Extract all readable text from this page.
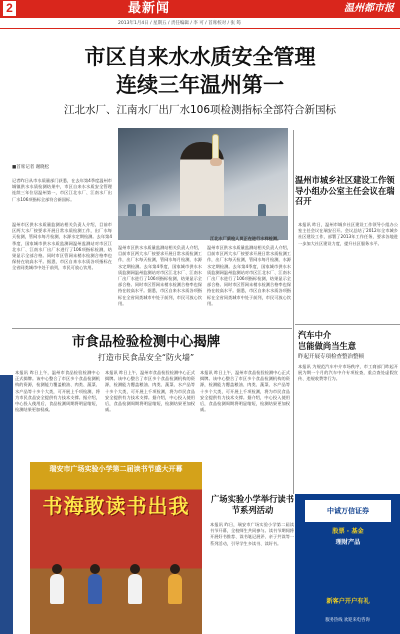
2	最新闻	温州都市报
2013年1月4日 / 星期五 / 责任编辑 / 李 可 / 首席校对 / 张 筠
市区自来水水质安全管理
连续三年温州第一
江北水厂、江南水厂出厂水106项检测指标全部符合新国标
■首席记者 谢晓松
记者昨日从市水质量部门获悉，在去年第4季度温州市城镇供水水质检测结果中，市区自来水水质安全管理连续三年位居温州第一，市区江北水厂、江南水厂出厂水106项指标全部符合新国标。
温州市区供水水质量监测站相关负责人介绍，目前市区两大水厂按要求开展日常水质检测工作，出厂水每天检测，管网水每月检测，水源水定期检测。去年第4季度，国家城市供水水质监测网温州监测站对市区江北水厂、江南水厂出厂水进行了106项指标检测，结果显示全部合格。同时市区管网末梢水检测合格率也保持在较高水平。据悉，市区自来水水质各项指标在全省同类城市中处于前列，市民可放心饮用。
温州市区供水水质量监测站相关负责人介绍，目前市区两大水厂按要求开展日常水质检测工作，出厂水每天检测，管网水每月检测，水源水定期检测。去年第4季度，国家城市供水水质监测网温州监测站对市区江北水厂、江南水厂出厂水进行了106项指标检测，结果显示全部合格。同时市区管网末梢水检测合格率也保持在较高水平。据悉，市区自来水水质各项指标在全省同类城市中处于前列，市民可放心饮用。
温州市区供水水质量监测站相关负责人介绍，目前市区两大水厂按要求开展日常水质检测工作，出厂水每天检测，管网水每月检测，水源水定期检测。去年第4季度，国家城市供水水质监测网温州监测站对市区江北水厂、江南水厂出厂水进行了106项指标检测，结果显示全部合格。同时市区管网末梢水检测合格率也保持在较高水平。据悉，市区自来水水质各项指标在全省同类城市中处于前列，市民可放心饮用。
江北水厂质检人员正在进行水样检测。
温州市城乡社区建设工作领导小组办公室主任会议在瑞召开
本报讯 昨日，温州市城乡社区建设工作领导小组办公室主任会议在瑞安召开。会议总结了2012年全市城乡社区建设工作，部署了2013年工作任务，要求各地进一步加大社区建设力度，提升社区服务水平。
汽车中介
岂能做尚当生意
昨起开展专项检查整治整顿
本报讯 为规范汽车中介市场秩序，市工商部门昨起开展为期一个月的汽车中介专项检查，重点查处虚假宣传、违规收费等行为。
市食品检验检测中心揭牌
打造市民食品安全“防火墙”
本报讯 昨日上午，温州市食品检验检测中心正式揭牌。该中心整合了市区多个食品检测机构的资源，检测能力覆盖粮油、肉类、蔬菜、水产品等十多个大类，可开展上千项检测，将为市民食品安全提供有力技术支撑。据介绍，中心投入使用后，食品检测周期将明显缩短，检测结果更加权威。
本报讯 昨日上午，温州市食品检验检测中心正式揭牌。该中心整合了市区多个食品检测机构的资源，检测能力覆盖粮油、肉类、蔬菜、水产品等十多个大类，可开展上千项检测，将为市民食品安全提供有力技术支撑。据介绍，中心投入使用后，食品检测周期将明显缩短，检测结果更加权威。
本报讯 昨日上午，温州市食品检验检测中心正式揭牌。该中心整合了市区多个食品检测机构的资源，检测能力覆盖粮油、肉类、蔬菜、水产品等十多个大类，可开展上千项检测，将为市民食品安全提供有力技术支撑。据介绍，中心投入使用后，食品检测周期将明显缩短，检测结果更加权威。
瑞安市广场实验小学第二届读书节盛大开幕
书海敢读书出我	广场实验小学举行读书节系列活动
本报讯 昨日，瑞安市广场实验小学第二届读书节开幕，全校师生共同参与。读书节期间将开展好书推荐、读书笔记展评、亲子共读等一系列活动，引导学生多读书、读好书。
中诚万信证券
股票 · 基金
理财产品
新客户开户有礼
服务热线 欢迎来电咨询
